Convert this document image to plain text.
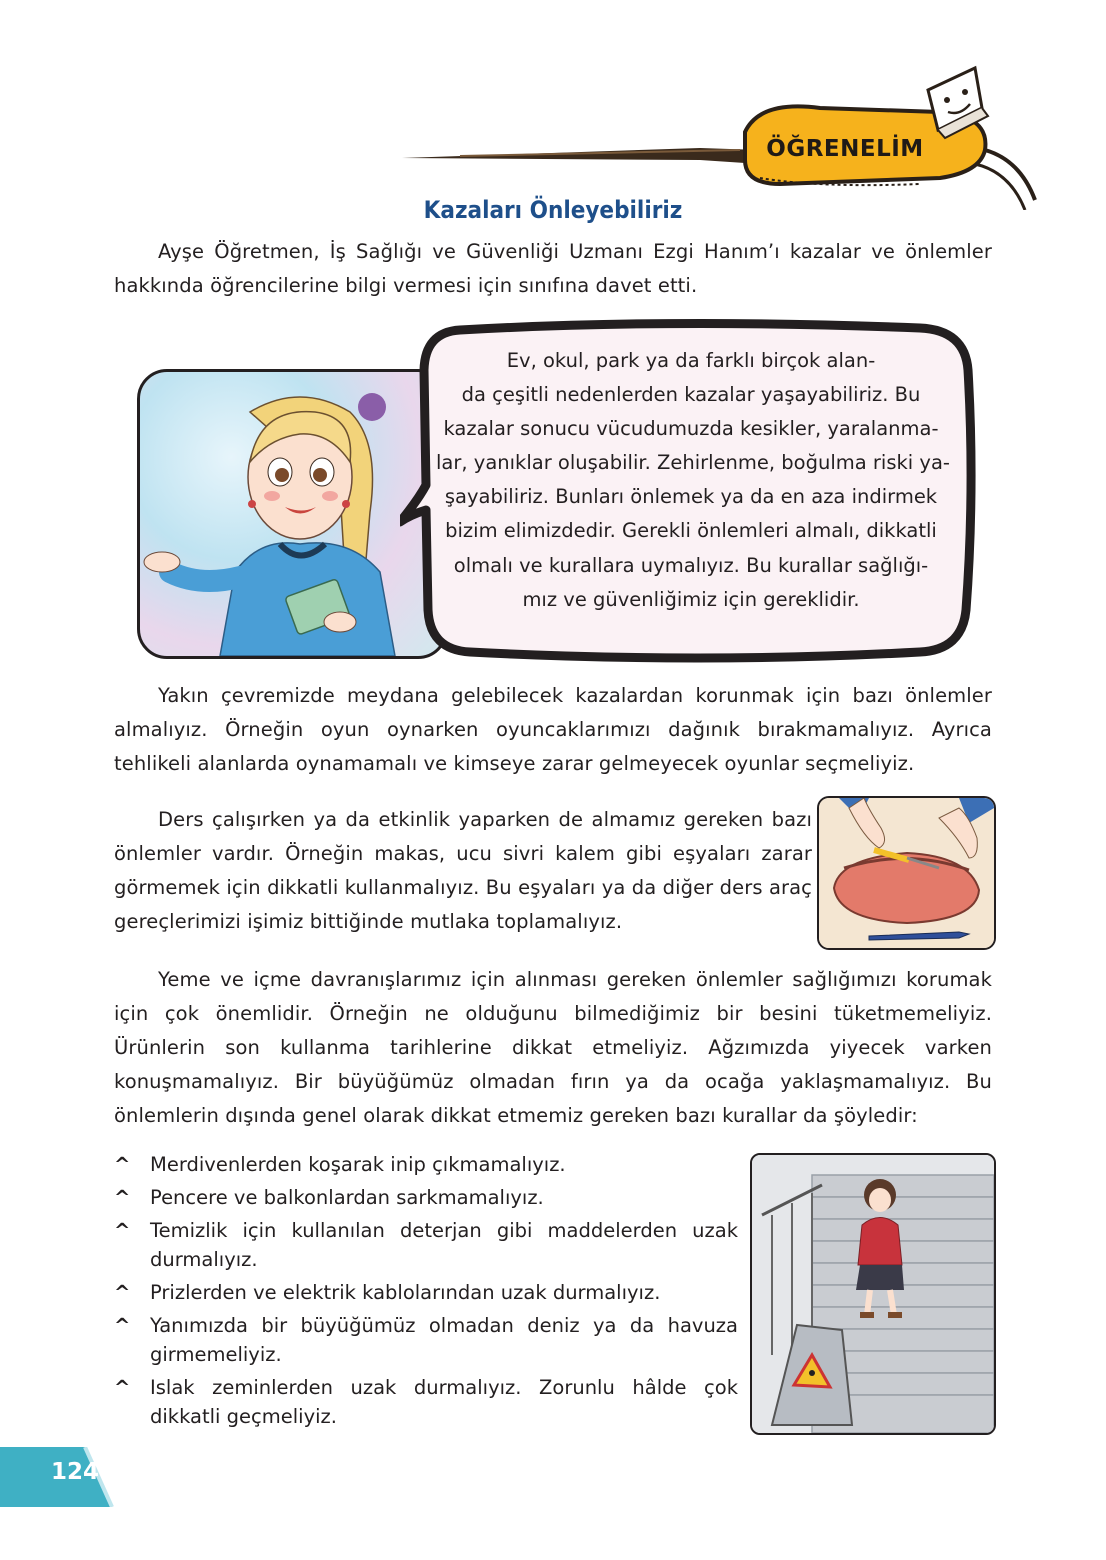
ÖĞRENELİM
Kazaları Önleyebiliriz

Ayşe Öğretmen, İş Sağlığı ve Güvenliği Uzmanı Ezgi Hanım’ı kazalar ve önlemler hakkında öğrencilerine bilgi vermesi için sınıfına davet etti.

Ev, okul, park ya da farklı birçok alan-
da çeşitli nedenlerden kazalar yaşayabiliriz. Bu
kazalar sonucu vücudumuzda kesikler, yaralanma-
lar, yanıklar oluşabilir. Zehirlenme, boğulma riski ya-
şayabiliriz. Bunları önlemek ya da en aza indirmek
bizim elimizdedir. Gerekli önlemleri almalı, dikkatli
olmalı ve kurallara uymalıyız. Bu kurallar sağlığı-
mız ve güvenliğimiz için gereklidir.

Yakın çevremizde meydana gelebilecek kazalardan korunmak için bazı önlemler almalıyız. Örneğin oyun oynarken oyuncaklarımızı dağınık bırakmamalıyız. Ayrıca tehlikeli alanlarda oynamamalı ve kimseye zarar gelmeyecek oyunlar seçmeliyiz.

Ders çalışırken ya da etkinlik yaparken de almamız gereken bazı önlemler vardır. Örneğin makas, ucu sivri kalem gibi eşyaları zarar görmemek için dikkatli kullanmalıyız. Bu eşyaları ya da diğer ders araç gereçlerimizi işimiz bittiğinde mutlaka toplamalıyız.

Yeme ve içme davranışlarımız için alınması gereken önlemler sağlığımızı korumak için çok önemlidir. Örneğin ne olduğunu bilmediğimiz bir besini tüketmemeliyiz. Ürünlerin son kullanma tarihlerine dikkat etmeliyiz. Ağzımızda yiyecek varken konuşmamalıyız. Bir büyüğümüz olmadan fırın ya da ocağa yaklaşmamalıyız. Bu önlemlerin dışında genel olarak dikkat etmemiz gereken bazı kurallar da şöyledir:

^ Merdivenlerden koşarak inip çıkmamalıyız.
^ Pencere ve balkonlardan sarkmamalıyız.
^ Temizlik için kullanılan deterjan gibi maddelerden uzak durmalıyız.
^ Prizlerden ve elektrik kablolarından uzak durmalıyız.
^ Yanımızda bir büyüğümüz olmadan deniz ya da havuza girmemeliyiz.
^ Islak zeminlerden uzak durmalıyız. Zorunlu hâlde çok dikkatli geçmeliyiz.
124
